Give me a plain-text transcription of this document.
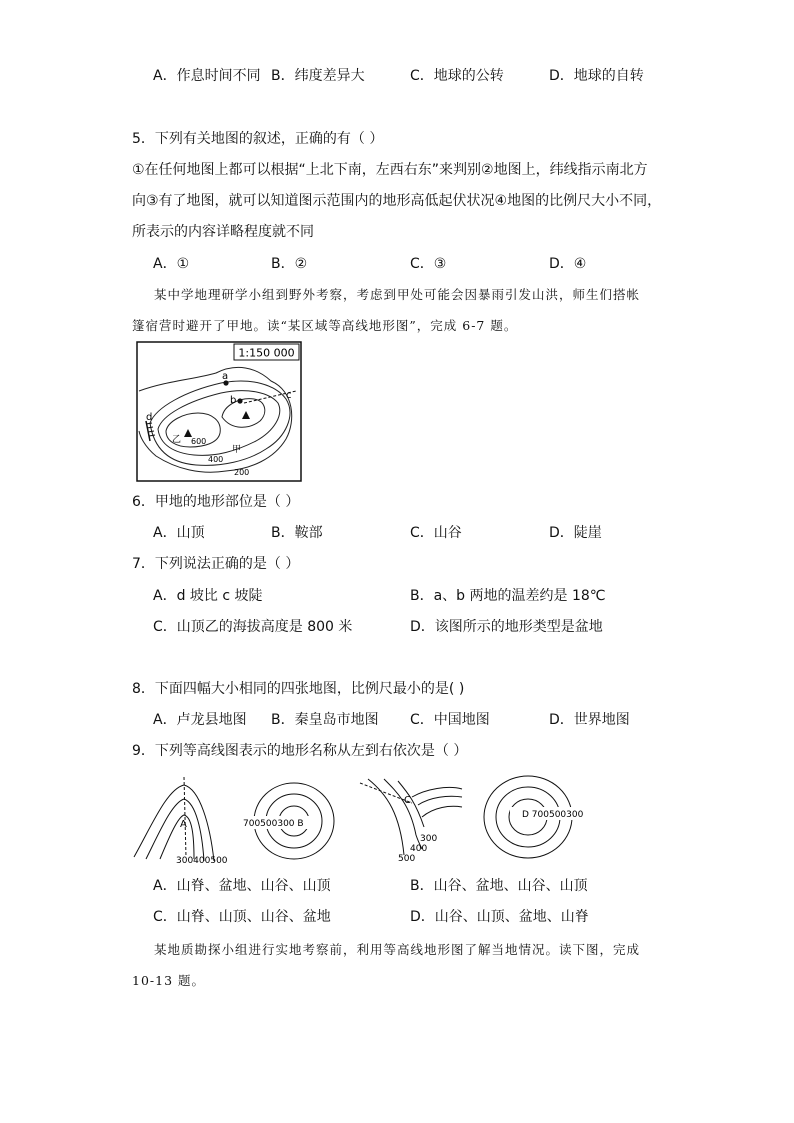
A．作息时间不同 B．纬度差异大	C．地球的公转	D．地球的自转
5．下列有关地图的叙述，正确的有（ ）
①在任何地图上都可以根据“上北下南，左西右东”来判别②地图上，纬线指示南北方
向③有了地图，就可以知道图示范围内的地形高低起伏状况④地图的比例尺大小不同，
所表示的内容详略程度就不同
A．①	B．②	C．③	D．④
某中学地理研学小组到野外考察，考虑到甲处可能会因暴雨引发山洪，师生们搭帐
篷宿营时避开了甲地。读“某区域等高线地形图”，完成 6-7 题。
1:150 000
a
b	c
d
乙
甲
600
400
200
6．甲地的地形部位是（ ）
A．山顶	B．鞍部	C．山谷	D．陡崖
7．下列说法正确的是（ ）
A．d 坡比 c 坡陡	B．a、b 两地的温差约是 18℃
C．山顶乙的海拔高度是 800 米	D．该图所示的地形类型是盆地
8．下面四幅大小相同的四张地图，比例尺最小的是( )
A．卢龙县地图 B．秦皇岛市地图 C．中国地图	D．世界地图
9．下列等高线图表示的地形名称从左到右依次是（ ）
A
300400500
700500300 B
C
300
400
500
D 700500300
A．山脊、盆地、山谷、山顶	B．山谷、盆地、山谷、山顶
C．山脊、山顶、山谷、盆地	D．山谷、山顶、盆地、山脊
某地质勘探小组进行实地考察前，利用等高线地形图了解当地情况。读下图，完成
10-13 题。
